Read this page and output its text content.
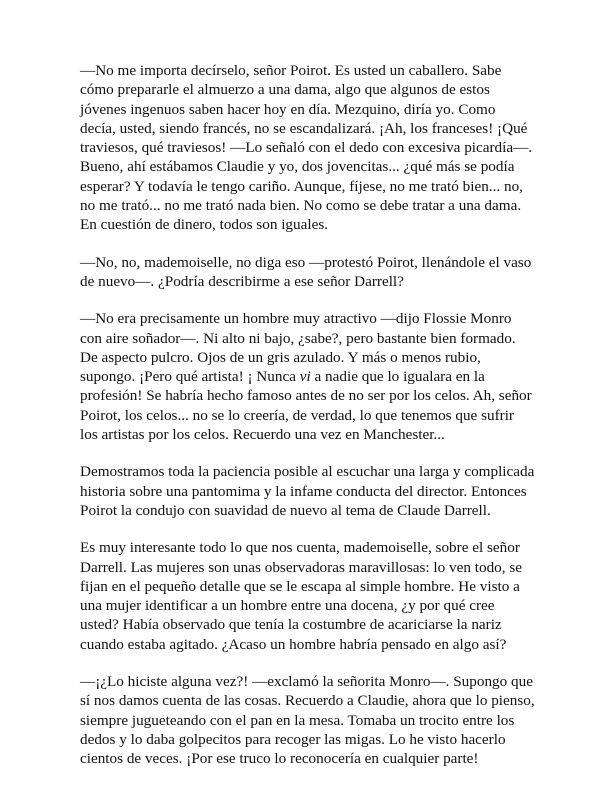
—No me importa decírselo, señor Poirot. Es usted un caballero. Sabe cómo prepararle el almuerzo a una dama, algo que algunos de estos jóvenes ingenuos saben hacer hoy en día. Mezquino, diría yo. Como decía, usted, siendo francés, no se escandalizará. ¡Ah, los franceses! ¡Qué traviesos, qué traviesos! —Lo señaló con el dedo con excesiva picardía—. Bueno, ahí estábamos Claudie y yo, dos jovencitas... ¿qué más se podía esperar? Y todavía le tengo cariño. Aunque, fíjese, no me trató bien... no, no me trató... no me trató nada bien. No como se debe tratar a una dama. En cuestión de dinero, todos son iguales.

—No, no, mademoiselle, no diga eso —protestó Poirot, llenándole el vaso de nuevo—. ¿Podría describirme a ese señor Darrell?

—No era precisamente un hombre muy atractivo —dijo Flossie Monro con aire soñador—. Ni alto ni bajo, ¿sabe?, pero bastante bien formado. De aspecto pulcro. Ojos de un gris azulado. Y más o menos rubio, supongo. ¡Pero qué artista! ¡ Nunca vi a nadie que lo igualara en la profesión! Se habría hecho famoso antes de no ser por los celos. Ah, señor Poirot, los celos... no se lo creería, de verdad, lo que tenemos que sufrir los artistas por los celos. Recuerdo una vez en Manchester...

Demostramos toda la paciencia posible al escuchar una larga y complicada historia sobre una pantomima y la infame conducta del director. Entonces Poirot la condujo con suavidad de nuevo al tema de Claude Darrell.

Es muy interesante todo lo que nos cuenta, mademoiselle, sobre el señor Darrell. Las mujeres son unas observadoras maravillosas: lo ven todo, se fijan en el pequeño detalle que se le escapa al simple hombre. He visto a una mujer identificar a un hombre entre una docena, ¿y por qué cree usted? Había observado que tenía la costumbre de acariciarse la nariz cuando estaba agitado. ¿Acaso un hombre habría pensado en algo así?

—¡¿Lo hiciste alguna vez?! —exclamó la señorita Monro—. Supongo que sí nos damos cuenta de las cosas. Recuerdo a Claudie, ahora que lo pienso, siempre jugueteando con el pan en la mesa. Tomaba un trocito entre los dedos y lo daba golpecitos para recoger las migas. Lo he visto hacerlo cientos de veces. ¡Por ese truco lo reconocería en cualquier parte!
